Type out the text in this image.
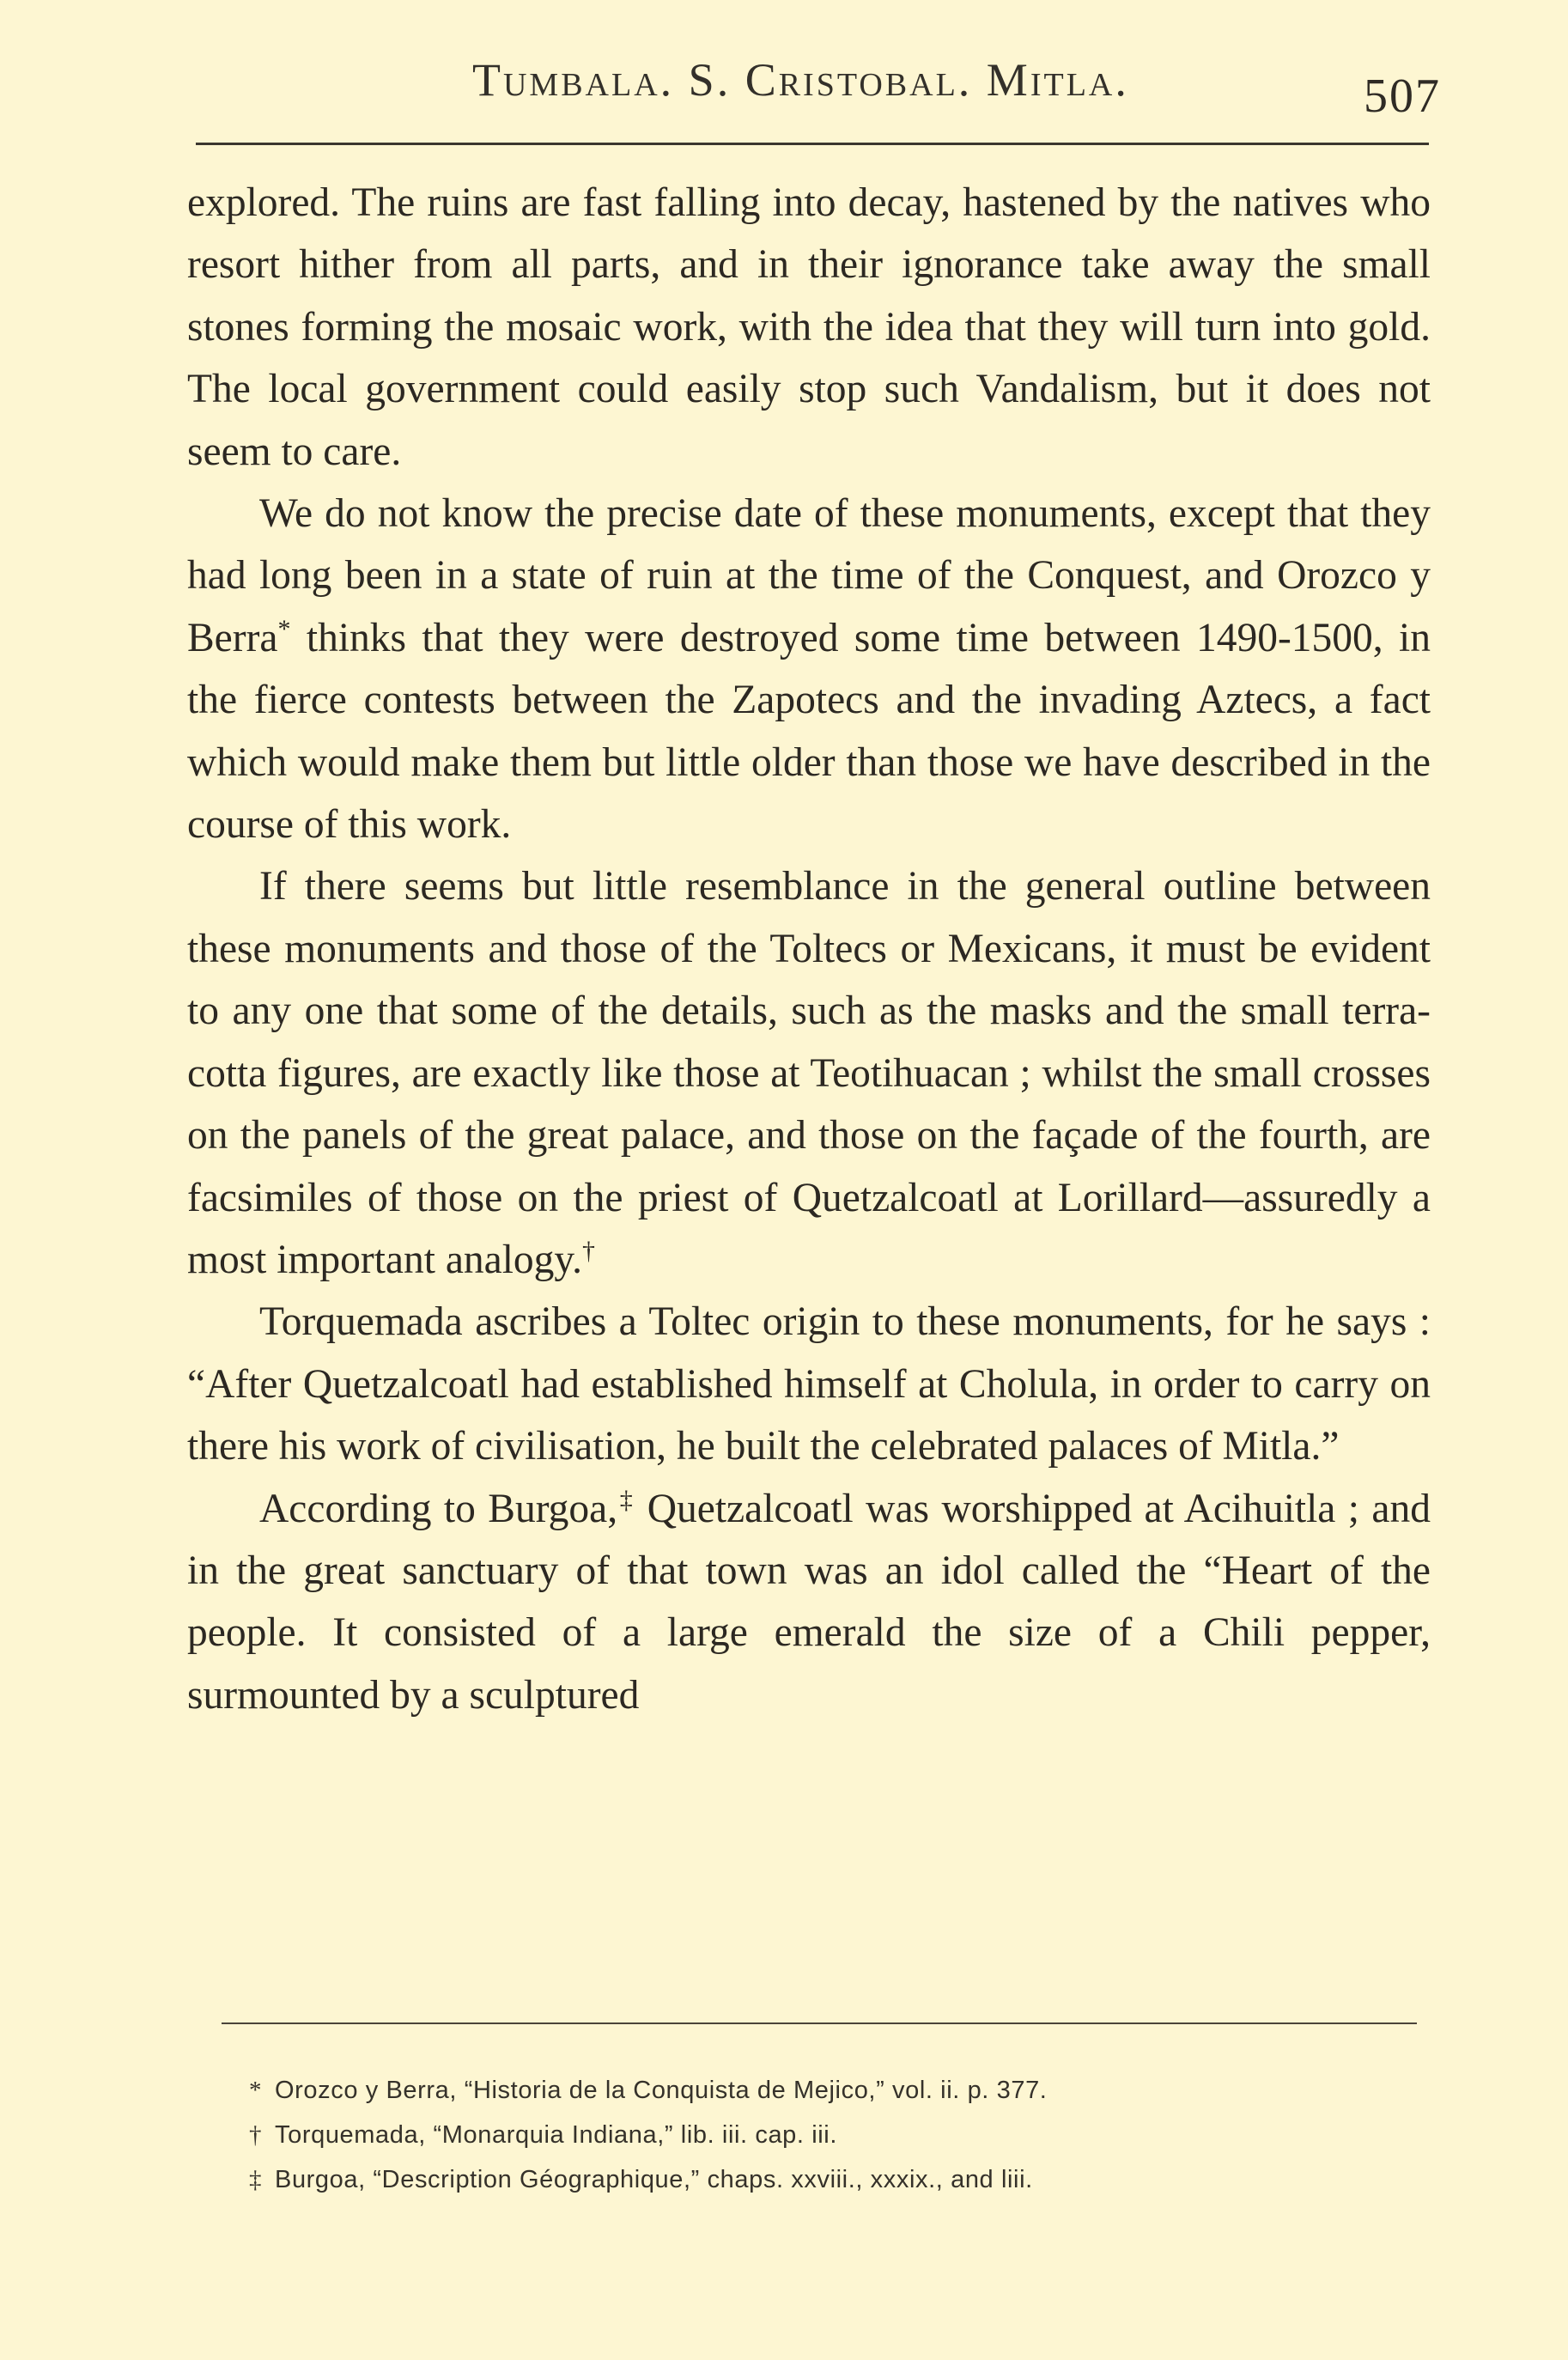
Tumbala. S. Cristobal. Mitla.	507

explored. The ruins are fast falling into decay, hastened by the natives who resort hither from all parts, and in their ignorance take away the small stones forming the mosaic work, with the idea that they will turn into gold. The local government could easily stop such Vandalism, but it does not seem to care.

We do not know the precise date of these monuments, except that they had long been in a state of ruin at the time of the Conquest, and Orozco y Berra* thinks that they were destroyed some time between 1490-1500, in the fierce contests between the Zapotecs and the invading Aztecs, a fact which would make them but little older than those we have described in the course of this work.

If there seems but little resemblance in the general outline between these monuments and those of the Toltecs or Mexicans, it must be evident to any one that some of the details, such as the masks and the small terra-cotta figures, are exactly like those at Teotihuacan ; whilst the small crosses on the panels of the great palace, and those on the façade of the fourth, are facsimiles of those on the priest of Quetzalcoatl at Lorillard—assuredly a most important analogy.†

Torquemada ascribes a Toltec origin to these monuments, for he says : “After Quetzalcoatl had established himself at Cholula, in order to carry on there his work of civilisation, he built the celebrated palaces of Mitla.”

According to Burgoa,‡ Quetzalcoatl was worshipped at Acihuitla ; and in the great sanctuary of that town was an idol called the “Heart of the people. It consisted of a large emerald the size of a Chili pepper, surmounted by a sculptured

* Orozco y Berra, “Historia de la Conquista de Mejico,” vol. ii. p. 377.

† Torquemada, “Monarquia Indiana,” lib. iii. cap. iii.

‡ Burgoa, “Description Géographique,” chaps. xxviii., xxxix., and liii.
